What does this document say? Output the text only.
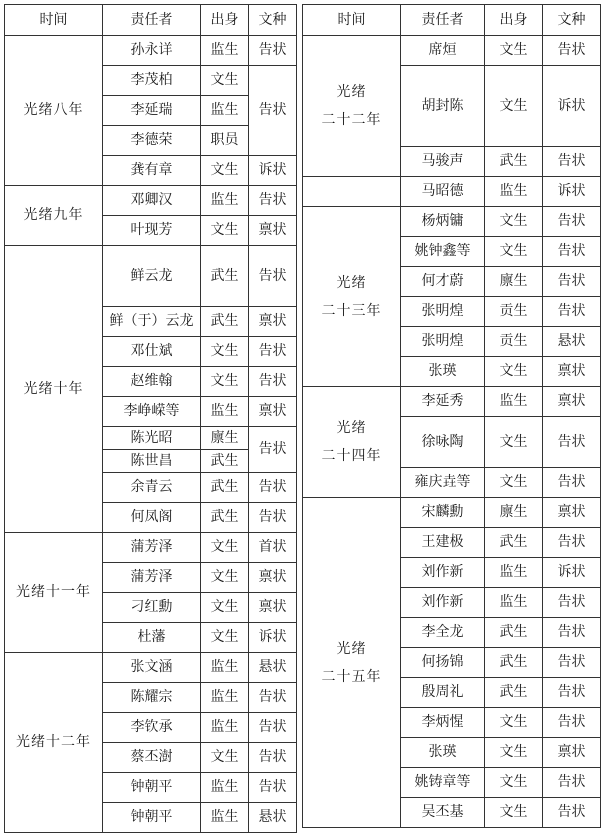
时间	责任者	出身	文种
光绪八年	孙永详	监生	告状
	李茂柏	文生	告状
	李延瑞	监生	
	李德荣	职员	
	龚有章	文生	诉状
光绪九年	邓卿汉	监生	告状
	叶现芳	文生	禀状
光绪十年	鲜云龙	武生	告状
	鲜（于）云龙	武生	禀状
	邓仕斌	文生	告状
	赵维翰	文生	告状
	李峥嵘等	监生	禀状
	陈光昭	廪生	告状
	陈世昌	武生	
	余青云	武生	告状
	何凤阁	武生	告状
光绪十一年	蒲芳泽	文生	首状
	蒲芳泽	文生	禀状
	刁红勳	文生	禀状
	杜藩	文生	诉状
光绪十二年	张文涵	监生	悬状
	陈耀宗	监生	告状
	李钦承	监生	告状
	蔡丕澍	文生	告状
	钟朝平	监生	告状
	钟朝平	监生	悬状
时间	责任者	出身	文种

光绪
二十二年	席烜	文生	告状
	胡封陈	文生	诉状
	马骏声	武生	告状
	马昭德	监生	诉状

光绪
二十三年	杨炳镛	文生	告状
	姚钟鑫等	文生	告状
	何才蔚	廪生	告状
	张明煌	贡生	告状
	张明煌	贡生	悬状
	张瑛	文生	禀状

光绪
二十四年	李延秀	监生	禀状
	徐咏陶	文生	告状
	雍庆垚等	文生	告状

光绪
二十五年	宋麟勳	廪生	禀状
	王建极	武生	告状
	刘作新	监生	诉状
	刘作新	监生	告状
	李全龙	武生	告状
	何扬锦	武生	告状
	殷周礼	武生	告状
	李炳惺	文生	告状
	张瑛	文生	禀状
	姚铸章等	文生	告状
	吴丕基	文生	告状
